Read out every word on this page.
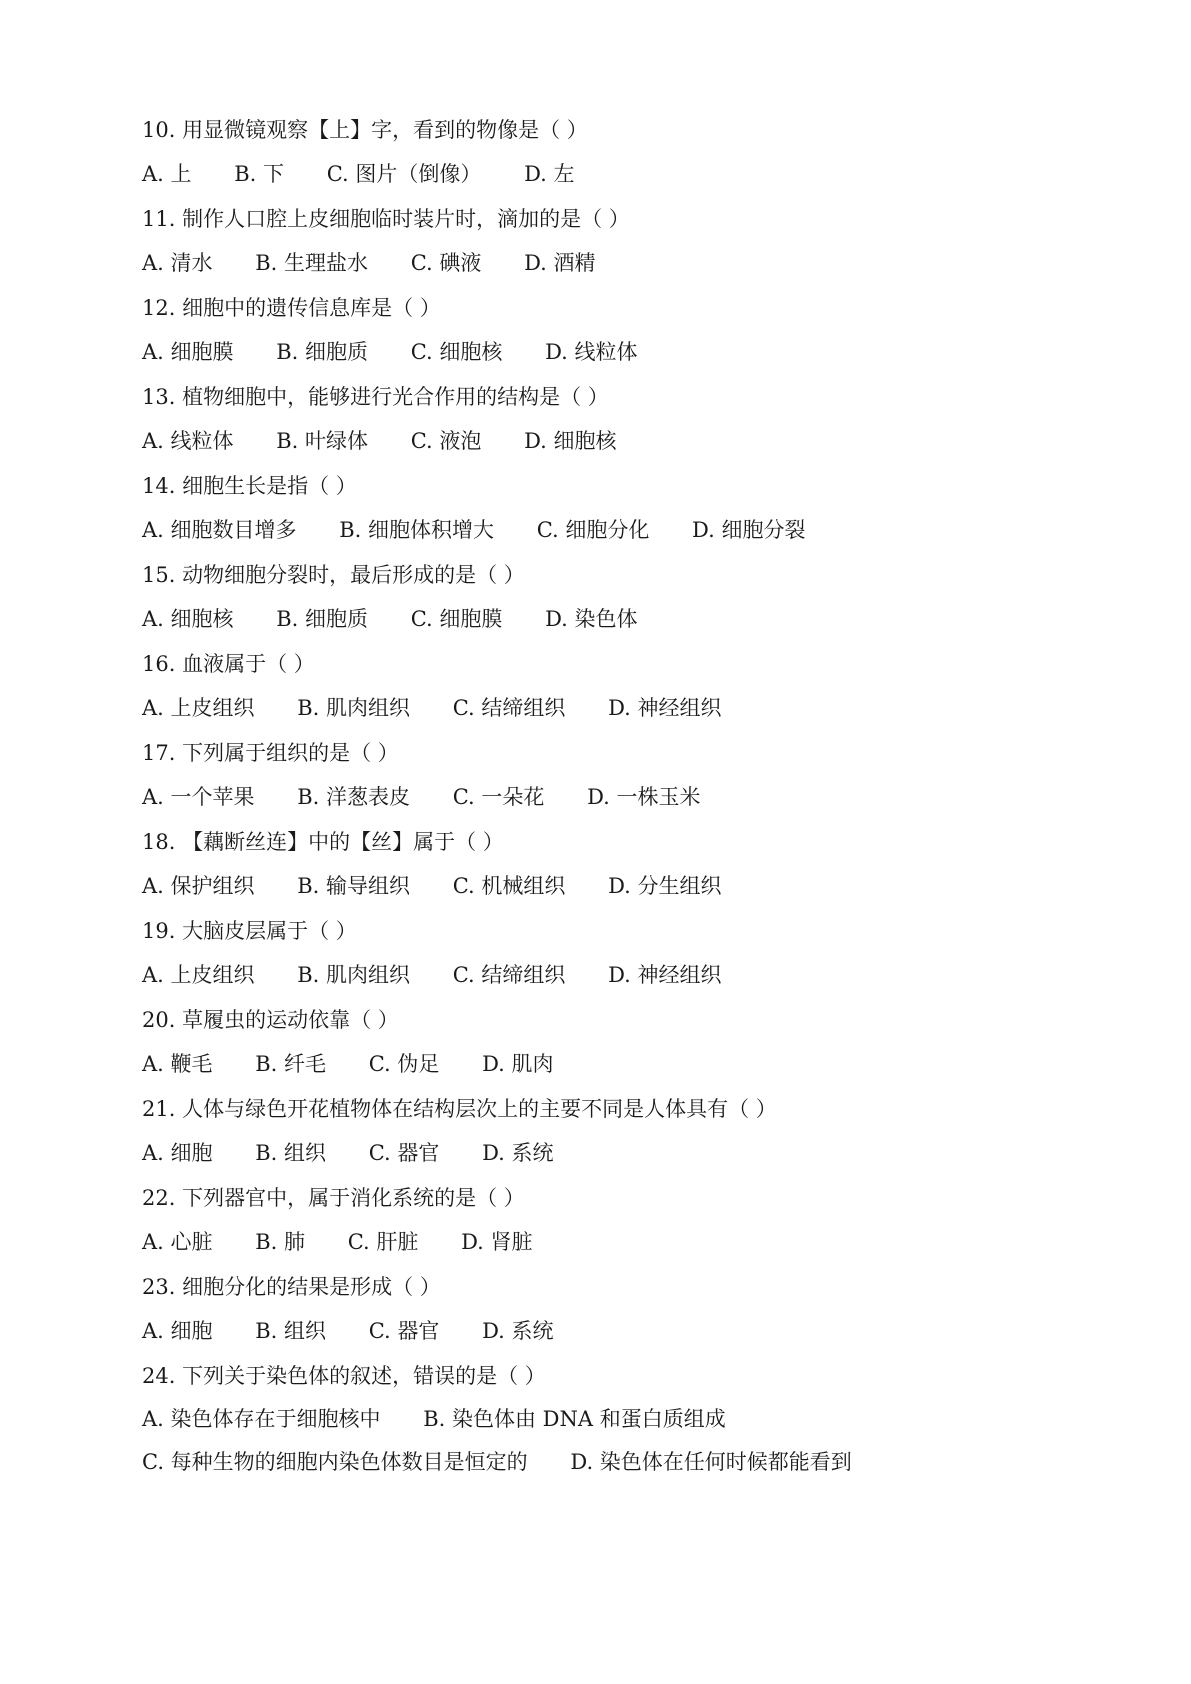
10. 用显微镜观察【上】字，看到的物像是（ ）
A. 上 B. 下 C. 图片（倒像） D. 左
11. 制作人口腔上皮细胞临时装片时，滴加的是（ ）
A. 清水 B. 生理盐水 C. 碘液 D. 酒精
12. 细胞中的遗传信息库是（ ）
A. 细胞膜 B. 细胞质 C. 细胞核 D. 线粒体
13. 植物细胞中，能够进行光合作用的结构是（ ）
A. 线粒体 B. 叶绿体 C. 液泡 D. 细胞核
14. 细胞生长是指（ ）
A. 细胞数目增多 B. 细胞体积增大 C. 细胞分化 D. 细胞分裂
15. 动物细胞分裂时，最后形成的是（ ）
A. 细胞核 B. 细胞质 C. 细胞膜 D. 染色体
16. 血液属于（ ）
A. 上皮组织 B. 肌肉组织 C. 结缔组织 D. 神经组织
17. 下列属于组织的是（ ）
A. 一个苹果 B. 洋葱表皮 C. 一朵花 D. 一株玉米
18. 【藕断丝连】中的【丝】属于（ ）
A. 保护组织 B. 输导组织 C. 机械组织 D. 分生组织
19. 大脑皮层属于（ ）
A. 上皮组织 B. 肌肉组织 C. 结缔组织 D. 神经组织
20. 草履虫的运动依靠（ ）
A. 鞭毛 B. 纤毛 C. 伪足 D. 肌肉
21. 人体与绿色开花植物体在结构层次上的主要不同是人体具有（ ）
A. 细胞 B. 组织 C. 器官 D. 系统
22. 下列器官中，属于消化系统的是（ ）
A. 心脏 B. 肺 C. 肝脏 D. 肾脏
23. 细胞分化的结果是形成（ ）
A. 细胞 B. 组织 C. 器官 D. 系统
24. 下列关于染色体的叙述，错误的是（ ）
A. 染色体存在于细胞核中 B. 染色体由 DNA 和蛋白质组成
C. 每种生物的细胞内染色体数目是恒定的 D. 染色体在任何时候都能看到
